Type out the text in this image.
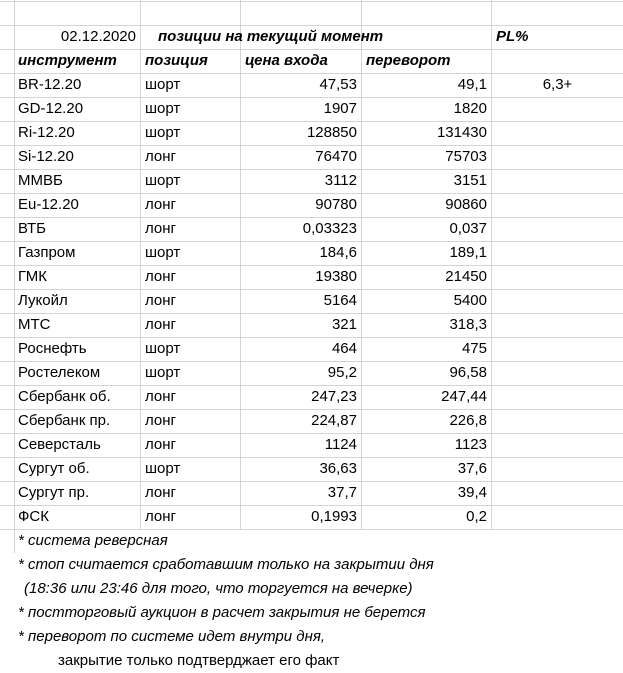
02.12.2020 позиции на текущий момент	PL%
инструмент	позиция	цена входа	переворот
BR-12.20	шорт	47,53	49,1	6,3+
GD-12.20	шорт	1907	1820
Ri-12.20	шорт	128850	131430
Si-12.20	лонг	76470	75703
ММВБ	шорт	3112	3151
Eu-12.20	лонг	90780	90860
ВТБ	лонг	0,03323	0,037
Газпром	шорт	184,6	189,1
ГМК	лонг	19380	21450
Лукойл	лонг	5164	5400
МТС	лонг	321	318,3
Роснефть	шорт	464	475
Ростелеком	шорт	95,2	96,58
Сбербанк об.	лонг	247,23	247,44
Сбербанк пр.	лонг	224,87	226,8
Северсталь	лонг	1124	1123
Сургут об.	шорт	36,63	37,6
Сургут пр.	лонг	37,7	39,4
ФСК	лонг	0,1993	0,2
* система реверсная
* стоп считается сработавшим только на закрытии дня
(18:36 или 23:46 для того, что торгуется на вечерке)
* постторговый аукцион в расчет закрытия не берется
* переворот по системе идет внутри дня,
закрытие только подтверджает его факт
